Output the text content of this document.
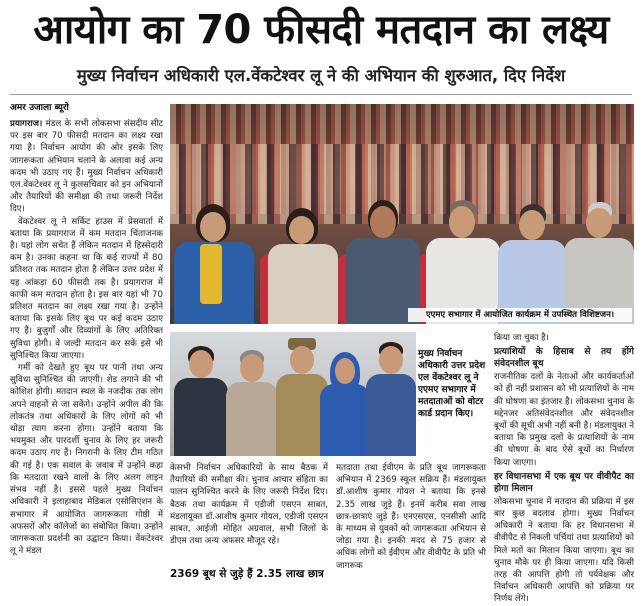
आयोग का 70 फीसदी मतदान का लक्ष्य
मुख्य निर्वाचन अधिकारी एल.वेंकटेश्वर लू ने की अभियान की शुरुआत, दिए निर्देश
अमर उजाला ब्यूरो

प्रयागराज। मंडल के सभी लोकसभा संसदीय सीट पर इस बार 70 फीसदी मतदान का लक्ष्य रखा गया है। निर्वाचन आयोग की ओर इसके लिए जागरूकता अभियान चलाने के अलावा कई अन्य कदम भी उठाए गए हैं। मुख्य निर्वाचन अधिकारी एल.वेंकटेश्वर लू ने कुलसचिवार को इन अभियानों और तैयारियों की समीक्षा की तथा जरूरी निर्देश दिए।

वेंकटेश्वर लू ने सर्किट हाउस में प्रेसवार्ता में बताया कि प्रयागराज में कम मतदान चिंताजनक है। यहां लोग सचेत हैं लेकिन मतदान में हिस्सेदारी कम है। उनका कहना था कि कई राज्यों में 80 प्रतिशत तक मतदान होता है लेकिन उत्तर प्रदेश में यह आंकड़ा 60 फीसदी तक है। प्रयागराज में काफी कम मतदान होता है। इस बार यहां भी 70 प्रतिशत मतदान का लक्ष्य रखा गया है। उन्होंने बताया कि इसके लिए बूथ पर कई कदम उठाए गए हैं। बुजुर्गों और दिव्यांगों के लिए अतिरिक्त सुविधा होगी। वे जल्दी मतदान कर सकें इसे भी सुनिश्चित किया जाएगा।

गर्मी को देखते हुए बूथ पर पानी तथा अन्य सुविधा सुनिश्चित की जाएगी। शेड लगाने की भी कोशिश होगी। मतदान स्थल के नजदीक तक लोग अपने वाहनों से जा सकेंगे। उन्होंने अपील की कि लोकतंत्र तथा अधिकारों के लिए लोगों को भी थोड़ा त्याग करना होगा। उन्होंने बताया कि भयमुक्त और पारदर्शी चुनाव के लिए हर जरूरी कदम उठाए गए हैं। निगरानी के लिए टीम गठित की गई है। एक सवाल के जवाब में उन्होंने कहा कि मतदाता रखने वालों के लिए अलग लाइन संभव नहीं है। इससे पहले मुख्य निर्वाचन अधिकारी ने इलाहाबाद मेडिकल एसोसिएशन के सभागार में आयोजित जागरूकता गोष्ठी में अफसरों और कॉलेजों का संबोधित किया। उन्होंने जागरूकता प्रदर्शनी का उद्घाटन किया। वेंकटेश्वर लू ने मंडल

एएमए सभागार में आयोजित कार्यक्रम में उपस्थित विशिष्टजन।
मुख्य निर्वाचन अधिकारी उत्तर प्रदेश एल वेंकटेश्वर लू ने एएमए सभागार में मतदाताओं को वोटर कार्ड प्रदान किए।

केसभी निर्वाचन अधिकारियों के साथ बैठक में तैयारियों की समीक्षा की। चुनाव आचार संहिता का पालन सुनिश्चित करने के लिए जरूरी निर्देश दिए। बैठक तथा कार्यक्रम में एडीजी एसएन साबत, मंडलायुक्त डॉ.आशीष कुमार गोयल, एडीजी एसएन साबत, आईजी मोहित अग्रवाल, सभी जिलों के डीएम तथा अन्य अफसर मौजूद रहे।

2369 बूथ से जुड़े हैं 2.35 लाख छात्र

मतदाता तथा ईवीएम के प्रति बूथ जागरूकता अभियान में 2369 स्कूल सक्रिय हैं। मंडलायुक्त डॉ.आशीष कुमार गोयल ने बताया कि इनसे 2.35 लाख जुड़े हैं। इनमें करीब सवा लाख छात्र-छात्राएं जुड़े हैं। एनएसएस, एनसीसी आदि के माध्यम से युवकों को जागरूकता अभियान से जोड़ा गया है। इनकी मदद से 75 हजार से अधिक लोगों को ईवीएम और वीवीपैट के प्रति भी जागरूक

किया जा चुका है।

प्रत्याशियों के हिसाब से तय होंगे संवेदनशील बूथ

राजनीतिक दलों के नेताओं और कार्यकर्ताओं को ही नहीं प्रशासन को भी प्रत्याशियों के नाम की घोषणा का इंतजार है। लोकसभा चुनाव के मद्देनजर अतिसंवेदनशील और संवेदनशील बूथों की सूची अभी नहीं बनी है। मंडलायुक्त ने बताया कि प्रमुख दलों के प्रत्याशियों के नाम की घोषणा के बाद ऐसे बूथों का निर्धारण किया जाएगा।

हर विधानसभा में एक बूथ पर वीवीपैट का होगा मिलान

लोकसभा चुनाव में मतदान की प्रक्रिया में इस बार कुछ बदलाव होगा। मुख्य निर्वाचन अधिकारी ने बताया कि हर विधानसभा में वीवीपैट से निकली पर्चियां तथा प्रत्याशियों को मिले मतों का मिलान किया जाएगा। बूथ का चुनाव मौके पर ही किया जाएगा। यदि किसी तरह की आपत्ति होगी तो पर्यवेक्षक और निर्वाचन अधिकारी आपत्ति को प्रक्रिया पर निर्णय लेंगे।
